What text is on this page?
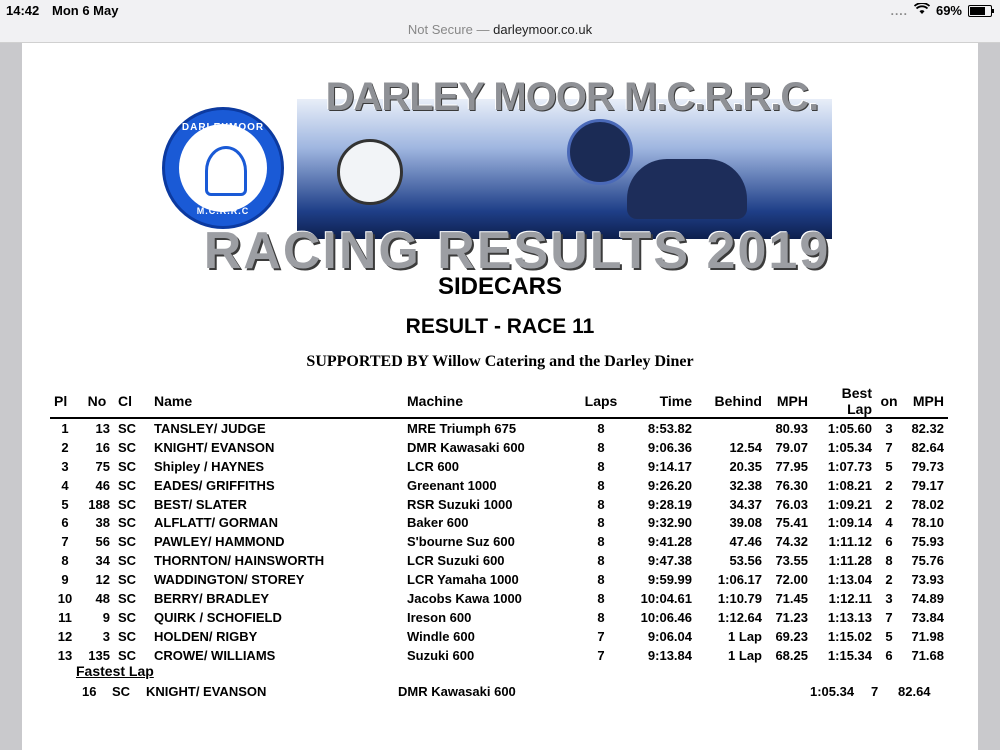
14:42 Mon 6 May	.... 69%
Not Secure — darleymoor.co.uk
DARLEYMOOR
M.C.R.R.C
DARLEY MOOR M.C.R.R.C.
RACING RESULTS 2019
SIDECARS
RESULT - RACE 11
SUPPORTED BY Willow Catering and the Darley Diner
Pl	No	Cl	Name	Machine	Laps	Time	Behind	MPH	Best Lap	on	MPH
1	13	SC	TANSLEY/ JUDGE	MRE Triumph 675	8	8:53.82		80.93	1:05.60	3	82.32
2	16	SC	KNIGHT/ EVANSON	DMR Kawasaki 600	8	9:06.36	12.54	79.07	1:05.34	7	82.64
3	75	SC	Shipley / HAYNES	LCR 600	8	9:14.17	20.35	77.95	1:07.73	5	79.73
4	46	SC	EADES/ GRIFFITHS	Greenant 1000	8	9:26.20	32.38	76.30	1:08.21	2	79.17
5	188	SC	BEST/ SLATER	RSR Suzuki 1000	8	9:28.19	34.37	76.03	1:09.21	2	78.02
6	38	SC	ALFLATT/ GORMAN	Baker 600	8	9:32.90	39.08	75.41	1:09.14	4	78.10
7	56	SC	PAWLEY/ HAMMOND	S'bourne Suz 600	8	9:41.28	47.46	74.32	1:11.12	6	75.93
8	34	SC	THORNTON/ HAINSWORTH	LCR Suzuki 600	8	9:47.38	53.56	73.55	1:11.28	8	75.76
9	12	SC	WADDINGTON/ STOREY	LCR Yamaha 1000	8	9:59.99	1:06.17	72.00	1:13.04	2	73.93
10	48	SC	BERRY/ BRADLEY	Jacobs Kawa 1000	8	10:04.61	1:10.79	71.45	1:12.11	3	74.89
11	9	SC	QUIRK / SCHOFIELD	Ireson 600	8	10:06.46	1:12.64	71.23	1:13.13	7	73.84
12	3	SC	HOLDEN/ RIGBY	Windle 600	7	9:06.04	1 Lap	69.23	1:15.02	5	71.98
13	135	SC	CROWE/ WILLIAMS	Suzuki 600	7	9:13.84	1 Lap	68.25	1:15.34	6	71.68
Fastest Lap
16 SC KNIGHT/ EVANSON	DMR Kawasaki 600	1:05.34 7 82.64
